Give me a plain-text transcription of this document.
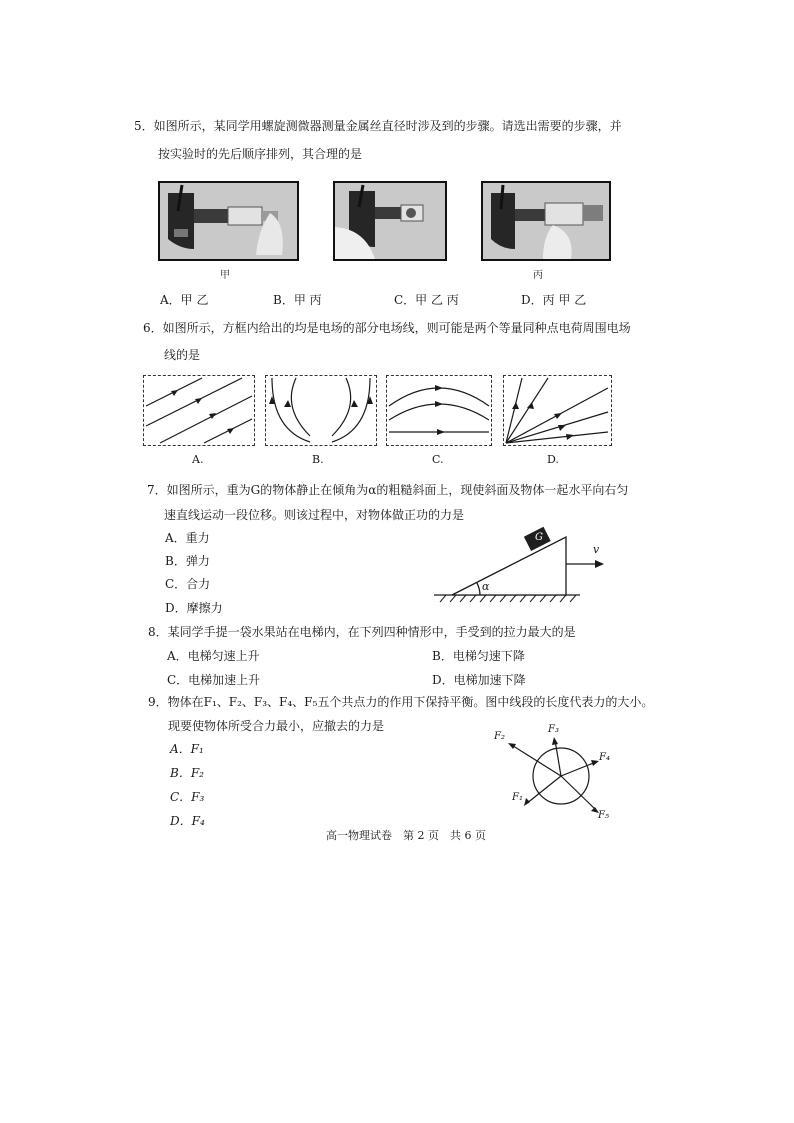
5．如图所示，某同学用螺旋测微器测量金属丝直径时涉及到的步骤。请选出需要的步骤，并
按实验时的先后顺序排列，其合理的是
甲	丙
A．甲 乙	B．甲 丙	C．甲 乙 丙	D．丙 甲 乙
6．如图所示，方框内给出的均是电场的部分电场线，则可能是两个等量同种点电荷周围电场
线的是
A.	B.	C.	D.
7．如图所示，重为G的物体静止在倾角为α的粗糙斜面上，现使斜面及物体一起水平向右匀
速直线运动一段位移。则该过程中，对物体做正功的力是
A．重力
B．弹力
C．合力
D．摩擦力
G
v
α
8．某同学手提一袋水果站在电梯内，在下列四种情形中，手受到的拉力最大的是
A．电梯匀速上升	B．电梯匀速下降
C．电梯加速上升	D．电梯加速下降
9．物体在F₁、F₂、F₃、F₄、F₅五个共点力的作用下保持平衡。图中线段的长度代表力的大小。
现要使物体所受合力最小，应撤去的力是
A．F₁
B．F₂
C．F₃
D．F₄
F₁
F₂
F₃
F₄
F₅
高一物理试卷　第 2 页　共 6 页
